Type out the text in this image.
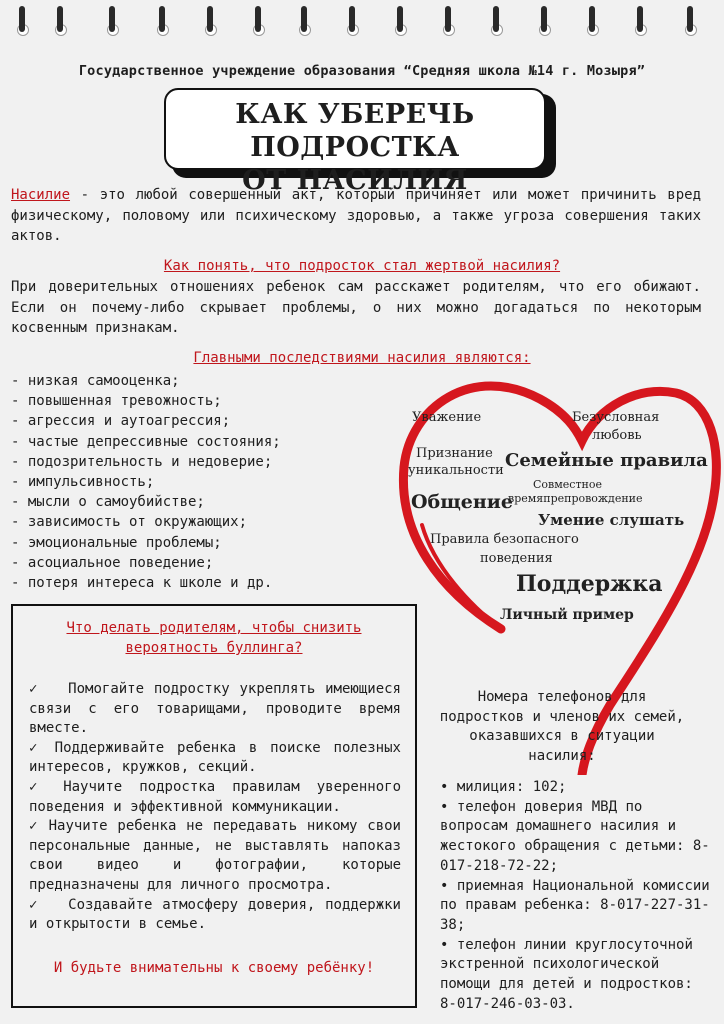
Государственное учреждение образования “Средняя школа №14 г. Мозыря”
КАК УБЕРЕЧЬ ПОДРОСТКА
ОТ НАСИЛИЯ
Насилие - это любой совершенный акт, который причиняет или может причинить вред физическому, половому или психическому здоровью, а также угроза совершения таких актов.
Как понять, что подросток стал жертвой насилия?
При доверительных отношениях ребенок сам расскажет родителям, что его обижают. Если он почему-либо скрывает проблемы, о них можно догадаться по некоторым косвенным признакам.
Главными последствиями насилия являются:
- низкая самооценка;
- повышенная тревожность;
- агрессия и аутоагрессия;
- частые депрессивные состояния;
- подозрительность и недоверие;
- импульсивность;
- мысли о самоубийстве;
- зависимость от окружающих;
- эмоциональные проблемы;
- асоциальное поведение;
- потеря интереса к школе и др.
Уважение	Безусловная
любовь
Признание
уникальности Семейные правила
Совместное
времяпрепровождение
Общение
Умение слушать
Правила безопасного
поведения
Поддержка
Личный пример
Что делать родителям, чтобы снизить
вероятность буллинга?

✓ Помогайте подростку укреплять имеющиеся связи с его товарищами, проводите время вместе.

✓ Поддерживайте ребенка в поиске полезных интересов, кружков, секций.

✓ Научите подростка правилам уверенного поведения и эффективной коммуникации.

✓ Научите ребенка не передавать никому свои персональные данные, не выставлять напоказ свои видео и фотографии, которые предназначены для личного просмотра.

✓ Создавайте атмосферу доверия, поддержки и открытости в семье.

И будьте внимательны к своему ребёнку!
Номера телефонов для подростков и членов их семей, оказавшихся в ситуации насилия:
• милиция: 102;
• телефон доверия МВД по вопросам домашнего насилия и жестокого обращения с детьми: 8-017-218-72-22;
• приемная Национальной комиссии по правам ребенка: 8-017-227-31-38;
• телефон линии круглосуточной экстренной психологической помощи для детей и подростков: 8-017-246-03-03.
